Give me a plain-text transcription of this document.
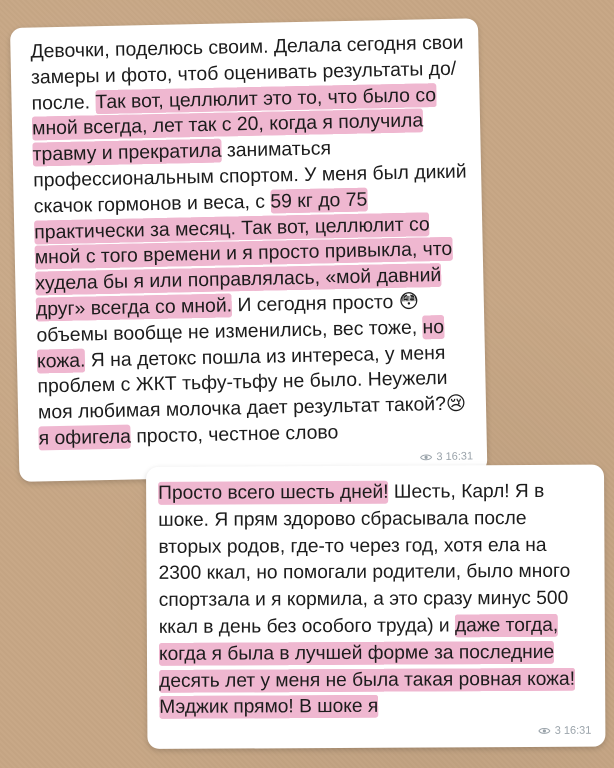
Девочки, поделюсь своим. Делала сегодня свои замеры и фото, чтоб оценивать результаты до/после. Так вот, целлюлит это то, что было со мной всегда, лет так с 20, когда я получила травму и прекратила заниматься профессиональным спортом. У меня был дикий скачок гормонов и веса, с 59 кг до 75 практически за месяц. Так вот, целлюлит со мной с того времени и я просто привыкла, что худела бы я или поправлялась, «мой давний друг» всегда со мной. И сегодня просто 😳 объемы вообще не изменились, вес тоже, но кожа. Я на детокс пошла из интереса, у меня проблем с ЖКТ тьфу-тьфу не было. Неужели моя любимая молочка дает результат такой?😢 я офигела просто, честное слово

3 16:31

Просто всего шесть дней! Шесть, Карл! Я в шоке. Я прям здорово сбрасывала после вторых родов, где-то через год, хотя ела на 2300 ккал, но помогали родители, было много спортзала и я кормила, а это сразу минус 500 ккал в день без особого труда) и даже тогда, когда я была в лучшей форме за последние десять лет у меня не была такая ровная кожа! Мэджик прямо! В шоке я

3 16:31
